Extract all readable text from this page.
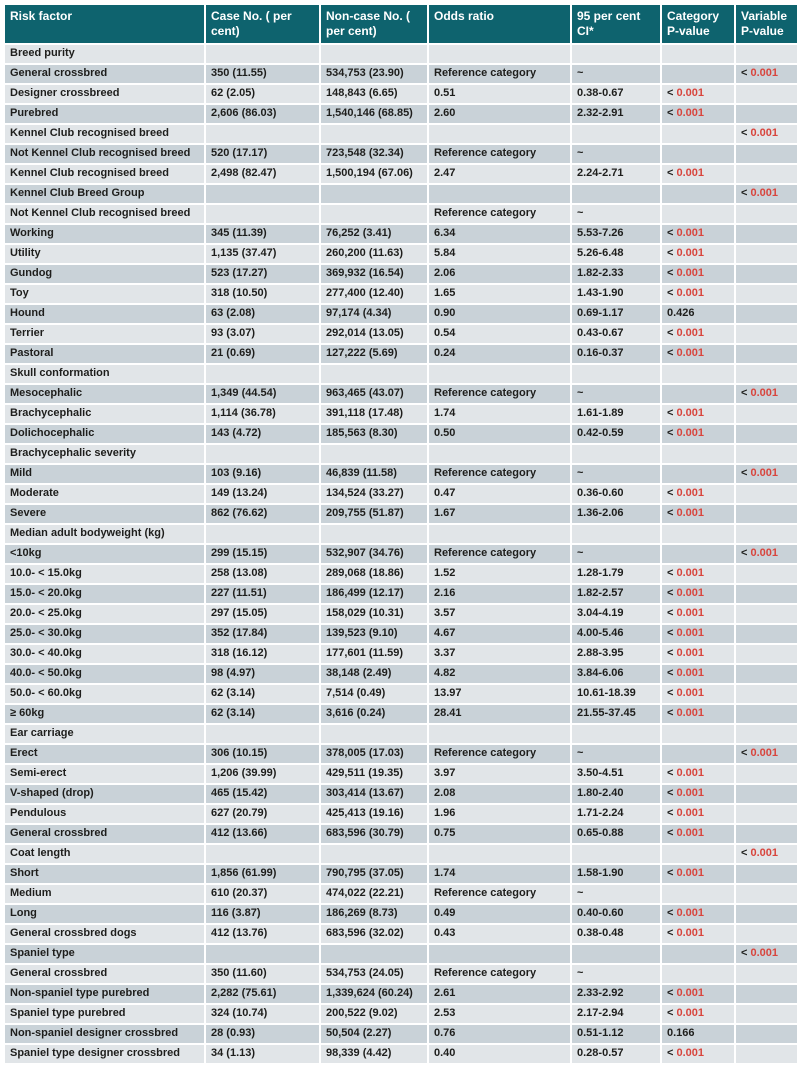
Risk factor	Case No. ( per cent)	Non-case No. ( per cent)	Odds ratio	95 per cent CI*	Category P-value	Variable P-value
Breed purity						
General crossbred	350 (11.55)	534,753 (23.90)	Reference category	~		< 0.001
Designer crossbreed	62 (2.05)	148,843 (6.65)	0.51	0.38-0.67	< 0.001	
Purebred	2,606 (86.03)	1,540,146 (68.85)	2.60	2.32-2.91	< 0.001	
Kennel Club recognised breed						< 0.001
Not Kennel Club recognised breed	520 (17.17)	723,548 (32.34)	Reference category	~		
Kennel Club recognised breed	2,498 (82.47)	1,500,194 (67.06)	2.47	2.24-2.71	< 0.001	
Kennel Club Breed Group						< 0.001
Not Kennel Club recognised breed			Reference category	~		
Working	345 (11.39)	76,252 (3.41)	6.34	5.53-7.26	< 0.001	
Utility	1,135 (37.47)	260,200 (11.63)	5.84	5.26-6.48	< 0.001	
Gundog	523 (17.27)	369,932 (16.54)	2.06	1.82-2.33	< 0.001	
Toy	318 (10.50)	277,400 (12.40)	1.65	1.43-1.90	< 0.001	
Hound	63 (2.08)	97,174 (4.34)	0.90	0.69-1.17	0.426	
Terrier	93 (3.07)	292,014 (13.05)	0.54	0.43-0.67	< 0.001	
Pastoral	21 (0.69)	127,222 (5.69)	0.24	0.16-0.37	< 0.001	
Skull conformation						
Mesocephalic	1,349 (44.54)	963,465 (43.07)	Reference category	~		< 0.001
Brachycephalic	1,114 (36.78)	391,118 (17.48)	1.74	1.61-1.89	< 0.001	
Dolichocephalic	143 (4.72)	185,563 (8.30)	0.50	0.42-0.59	< 0.001	
Brachycephalic severity						
Mild	103 (9.16)	46,839 (11.58)	Reference category	~		< 0.001
Moderate	149 (13.24)	134,524 (33.27)	0.47	0.36-0.60	< 0.001	
Severe	862 (76.62)	209,755 (51.87)	1.67	1.36-2.06	< 0.001	
Median adult bodyweight (kg)						
<10kg	299 (15.15)	532,907 (34.76)	Reference category	~		< 0.001
10.0- < 15.0kg	258 (13.08)	289,068 (18.86)	1.52	1.28-1.79	< 0.001	
15.0- < 20.0kg	227 (11.51)	186,499 (12.17)	2.16	1.82-2.57	< 0.001	
20.0- < 25.0kg	297 (15.05)	158,029 (10.31)	3.57	3.04-4.19	< 0.001	
25.0- < 30.0kg	352 (17.84)	139,523 (9.10)	4.67	4.00-5.46	< 0.001	
30.0- < 40.0kg	318 (16.12)	177,601 (11.59)	3.37	2.88-3.95	< 0.001	
40.0- < 50.0kg	98 (4.97)	38,148 (2.49)	4.82	3.84-6.06	< 0.001	
50.0- < 60.0kg	62 (3.14)	7,514 (0.49)	13.97	10.61-18.39	< 0.001	
≥ 60kg	62 (3.14)	3,616 (0.24)	28.41	21.55-37.45	< 0.001	
Ear carriage						
Erect	306 (10.15)	378,005 (17.03)	Reference category	~		< 0.001
Semi-erect	1,206 (39.99)	429,511 (19.35)	3.97	3.50-4.51	< 0.001	
V-shaped (drop)	465 (15.42)	303,414 (13.67)	2.08	1.80-2.40	< 0.001	
Pendulous	627 (20.79)	425,413 (19.16)	1.96	1.71-2.24	< 0.001	
General crossbred	412 (13.66)	683,596 (30.79)	0.75	0.65-0.88	< 0.001	
Coat length						< 0.001
Short	1,856 (61.99)	790,795 (37.05)	1.74	1.58-1.90	< 0.001	
Medium	610 (20.37)	474,022 (22.21)	Reference category	~		
Long	116 (3.87)	186,269 (8.73)	0.49	0.40-0.60	< 0.001	
General crossbred dogs	412 (13.76)	683,596 (32.02)	0.43	0.38-0.48	< 0.001	
Spaniel type						< 0.001
General crossbred	350 (11.60)	534,753 (24.05)	Reference category	~		
Non-spaniel type purebred	2,282 (75.61)	1,339,624 (60.24)	2.61	2.33-2.92	< 0.001	
Spaniel type purebred	324 (10.74)	200,522 (9.02)	2.53	2.17-2.94	< 0.001	
Non-spaniel designer crossbred	28 (0.93)	50,504 (2.27)	0.76	0.51-1.12	0.166	
Spaniel type designer crossbred	34 (1.13)	98,339 (4.42)	0.40	0.28-0.57	< 0.001	
